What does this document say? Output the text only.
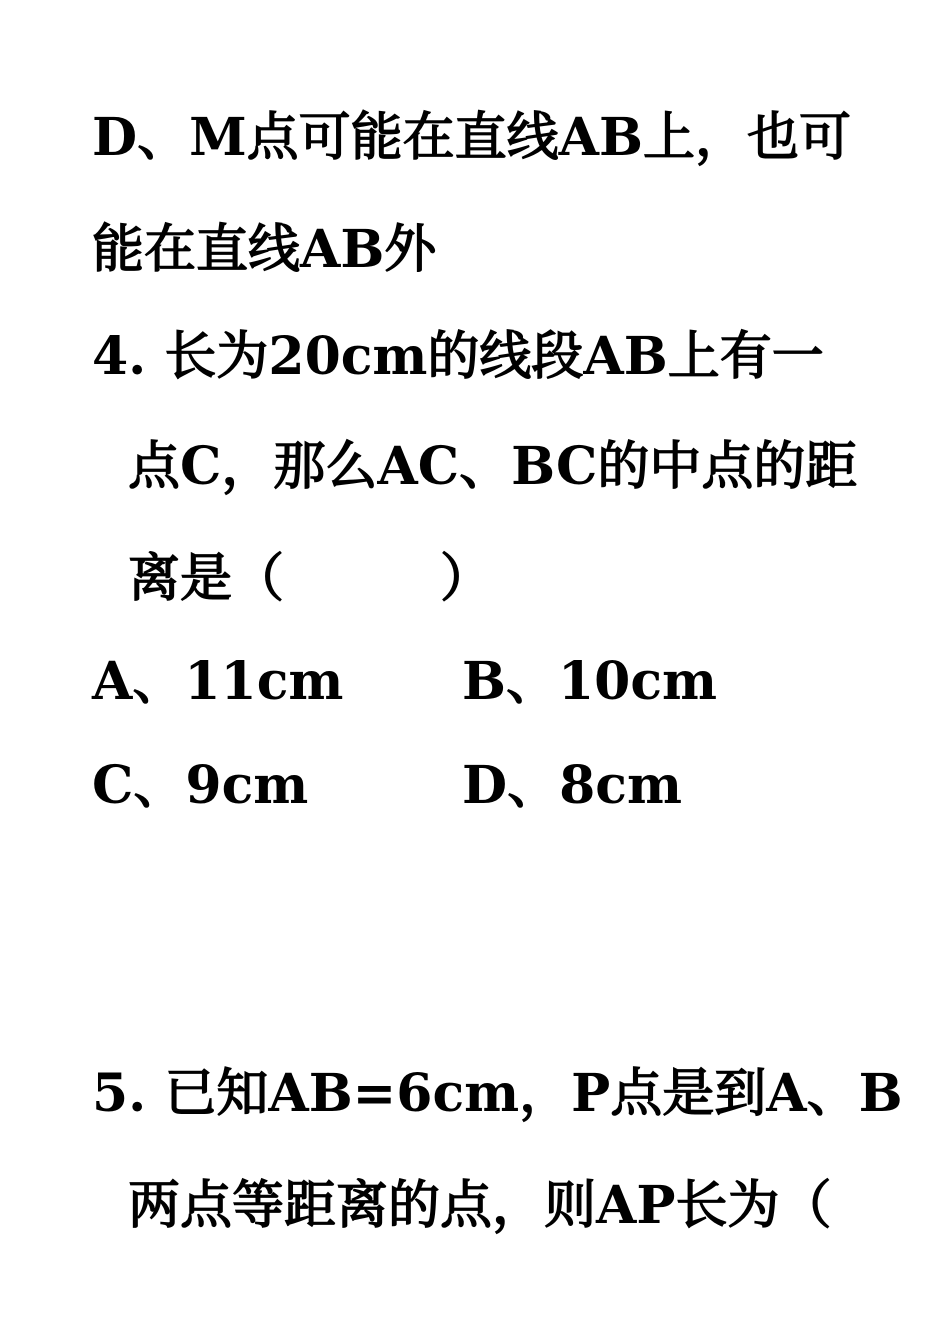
D、M点可能在直线AB上，也可
能在直线AB外
4. 长为20cm的线段AB上有一
点C，那么AC、BC的中点的距
离是（　　　）
A、11cm B、10cm
C、9cm	D、8cm
5. 已知AB=6cm，P点是到A、B
两点等距离的点，则AP长为（
